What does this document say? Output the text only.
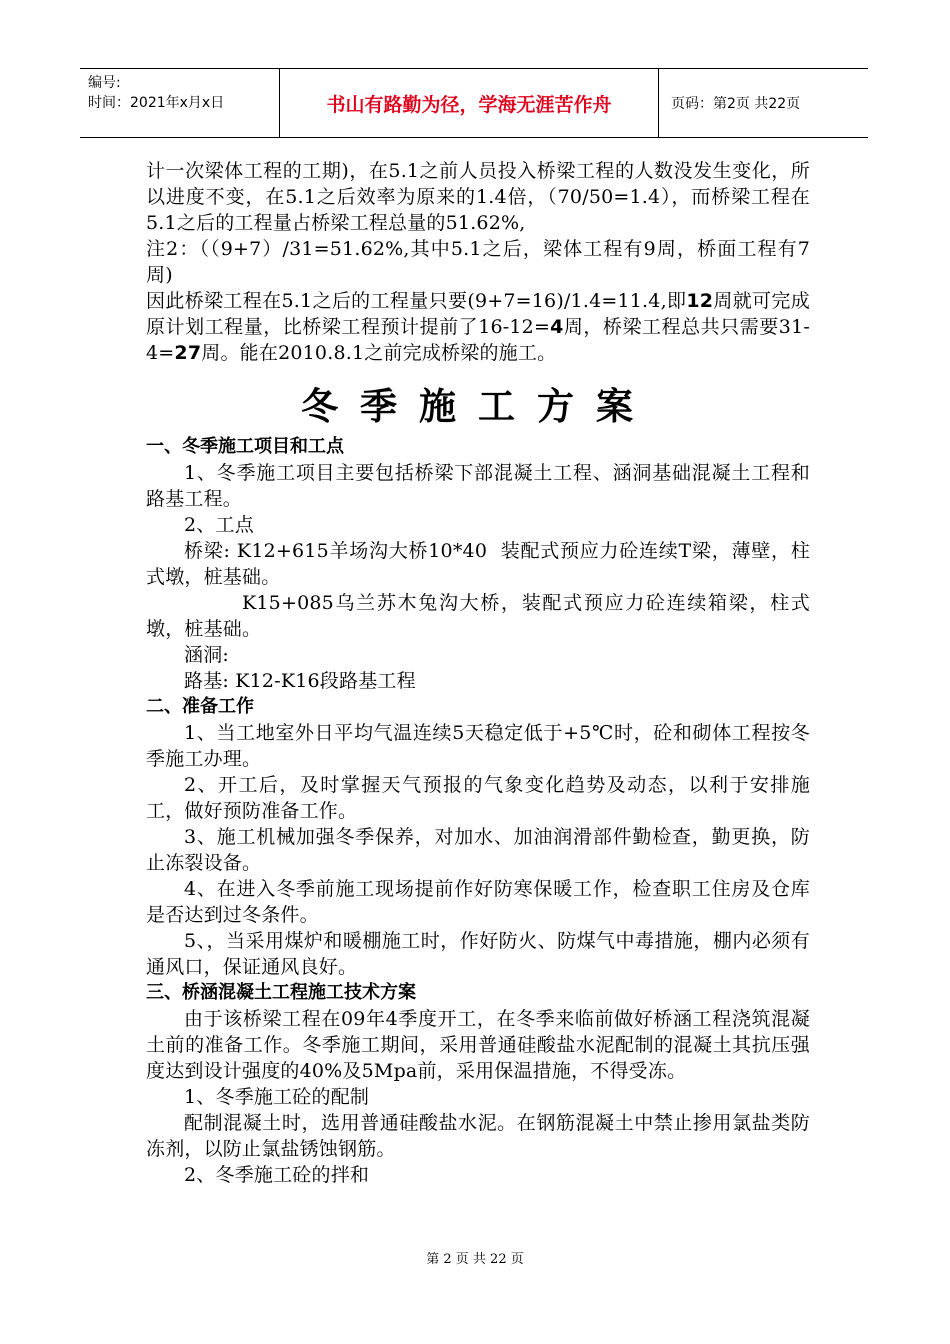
编号:
时间：2021年x月x日	书山有路勤为径，学海无涯苦作舟	页码：第2页 共22页

计一次梁体工程的工期)，在5.1之前人员投入桥梁工程的人数没发生变化，所以进度不变，在5.1之后效率为原来的1.4倍，（70/50=1.4），而桥梁工程在5.1之后的工程量占桥梁工程总量的51.62%,

注2：（（9+7）/31=51.62%,其中5.1之后，梁体工程有9周，桥面工程有7周)

因此桥梁工程在5.1之后的工程量只要(9+7=16)/1.4=11.4,即12周就可完成原计划工程量，比桥梁工程预计提前了16-12=4周，桥梁工程总共只需要31-4=27周。能在2010.8.1之前完成桥梁的施工。

冬季施工方案

一、冬季施工项目和工点

1、冬季施工项目主要包括桥梁下部混凝土工程、涵洞基础混凝土工程和路基工程。

2、工点

桥梁: K12+615羊场沟大桥10*40  装配式预应力砼连续T梁，薄壁，柱式墩，桩基础。

K15+085乌兰苏木兔沟大桥，装配式预应力砼连续箱梁，柱式墩，桩基础。

涵洞:

路基: K12-K16段路基工程

二、准备工作

1、当工地室外日平均气温连续5天稳定低于+5℃时，砼和砌体工程按冬季施工办理。

2、开工后，及时掌握天气预报的气象变化趋势及动态，以利于安排施工，做好预防准备工作。

3、施工机械加强冬季保养，对加水、加油润滑部件勤检查，勤更换，防止冻裂设备。

4、在进入冬季前施工现场提前作好防寒保暖工作，检查职工住房及仓库是否达到过冬条件。

5、，当采用煤炉和暖棚施工时，作好防火、防煤气中毒措施，棚内必须有通风口，保证通风良好。

三、桥涵混凝土工程施工技术方案

由于该桥梁工程在09年4季度开工，在冬季来临前做好桥涵工程浇筑混凝土前的准备工作。冬季施工期间，采用普通硅酸盐水泥配制的混凝土其抗压强度达到设计强度的40%及5Mpa前，采用保温措施，不得受冻。

1、冬季施工砼的配制

配制混凝土时，选用普通硅酸盐水泥。在钢筋混凝土中禁止掺用氯盐类防冻剂，以防止氯盐锈蚀钢筋。

2、冬季施工砼的拌和

第 2 页 共 22 页
